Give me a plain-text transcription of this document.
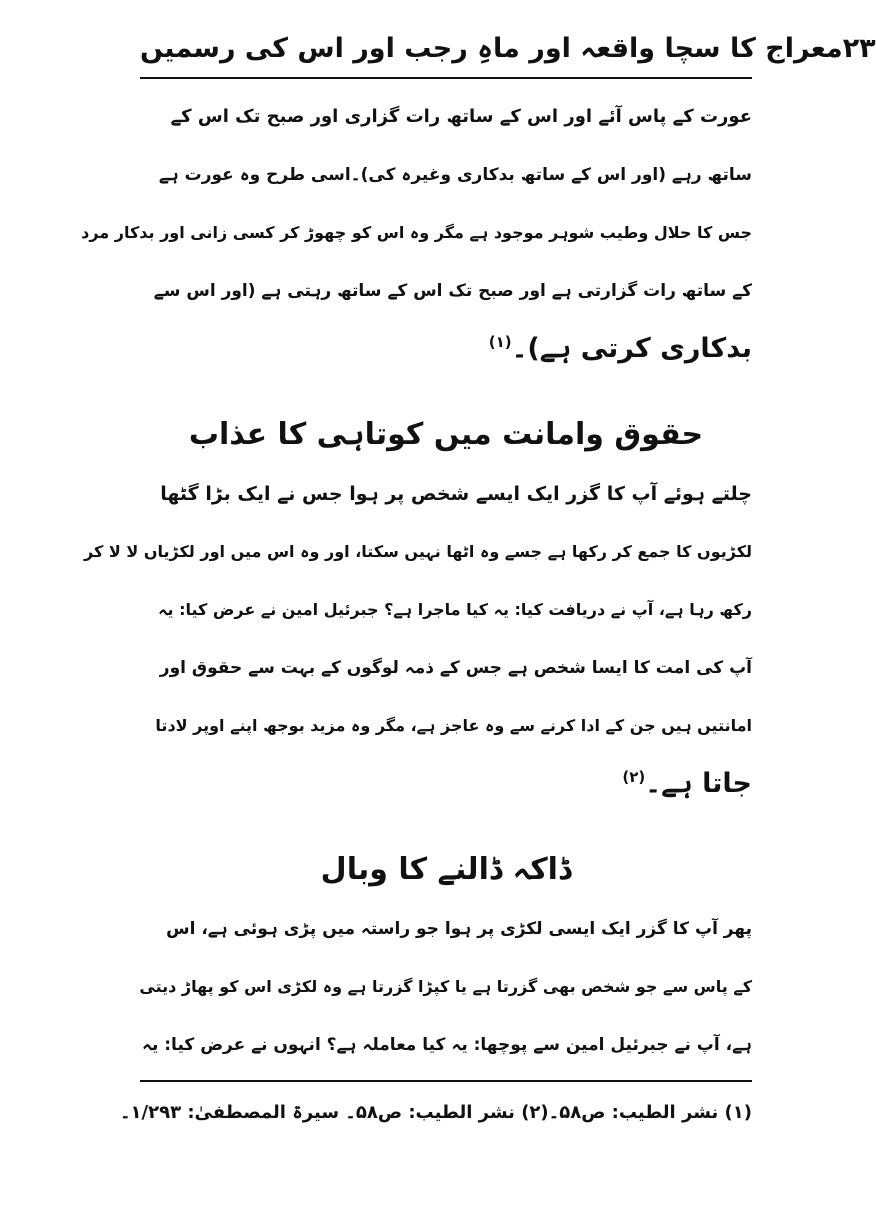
معراج کا سچا واقعہ اور ماہِ رجب اور اس کی رسمیں ۲۳
عورت کے پاس آئے اور اس کے ساتھ رات گزاری اور صبح تک اس کے
ساتھ رہے (اور اس کے ساتھ بدکاری وغیرہ کی)۔اسی طرح وہ عورت ہے
جس کا حلال وطیب شوہر موجود ہے مگر وہ اس کو چھوڑ کر کسی زانی اور بدکار مرد
کے ساتھ رات گزارتی ہے اور صبح تک اس کے ساتھ رہتی ہے (اور اس سے
بدکاری کرتی ہے)۔$^{(۱)}$
حقوق وامانت میں کوتاہی کا عذاب
چلتے ہوئے آپ کا گزر ایک ایسے شخص پر ہوا جس نے ایک بڑا گٹھا
لکڑیوں کا جمع کر رکھا ہے جسے وہ اٹھا نہیں سکتا، اور وہ اس میں اور لکڑیاں لا لا کر
رکھ رہا ہے، آپ نے دریافت کیا: یہ کیا ماجرا ہے؟ جبرئیل امین نے عرض کیا: یہ
آپ کی امت کا ایسا شخص ہے جس کے ذمہ لوگوں کے بہت سے حقوق اور
امانتیں ہیں جن کے ادا کرنے سے وہ عاجز ہے، مگر وہ مزید بوجھ اپنے اوپر لادتا
جاتا ہے۔$^{(۲)}$
ڈاکہ ڈالنے کا وبال
پھر آپ کا گزر ایک ایسی لکڑی پر ہوا جو راستہ میں پڑی ہوئی ہے، اس
کے پاس سے جو شخص بھی گزرتا ہے یا کپڑا گزرتا ہے وہ لکڑی اس کو پھاڑ دیتی
ہے، آپ نے جبرئیل امین سے پوچھا: یہ کیا معاملہ ہے؟ انہوں نے عرض کیا: یہ
(۱) نشر الطیب: ص۵۸۔
(۲) نشر الطیب: ص۵۸۔ سیرۃ المصطفیٰ: ۱/۲۹۳۔
